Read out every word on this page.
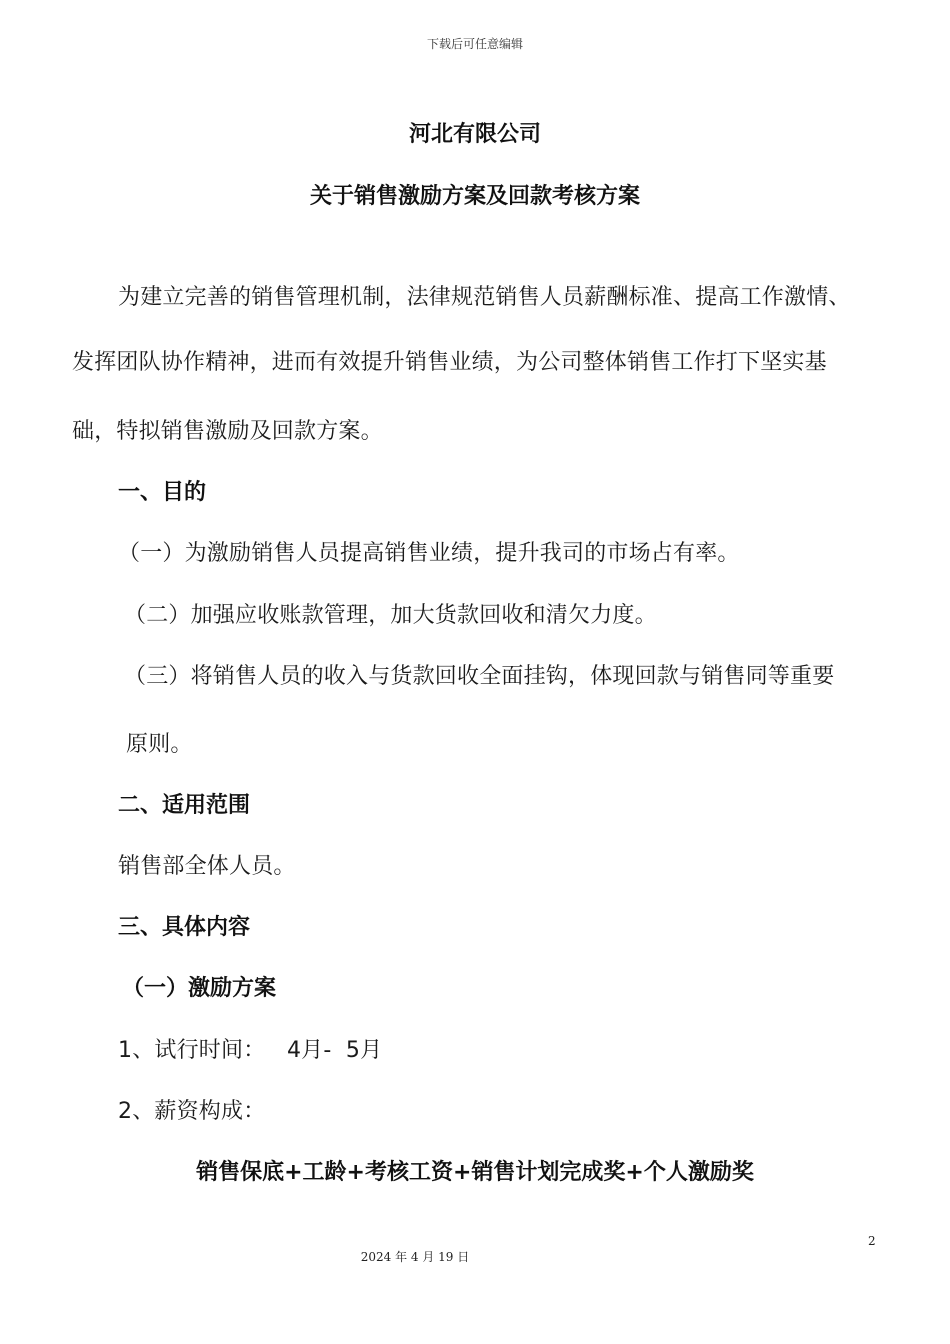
下载后可任意编辑
河北有限公司
关于销售激励方案及回款考核方案
为建立完善的销售管理机制，法律规范销售人员薪酬标准、提高工作激情、
发挥团队协作精神，进而有效提升销售业绩，为公司整体销售工作打下坚实基
础，特拟销售激励及回款方案。
一、目的
（一）为激励销售人员提高销售业绩，提升我司的市场占有率。
（二）加强应收账款管理，加大货款回收和清欠力度。
（三）将销售人员的收入与货款回收全面挂钩，体现回款与销售同等重要
原则。
二、适用范围
销售部全体人员。
三、具体内容
（一）激励方案
1、试行时间：   4月-  5月
2、薪资构成：
销售保底+工龄+考核工资+销售计划完成奖+个人激励奖
2
2024 年 4 月 19 日
